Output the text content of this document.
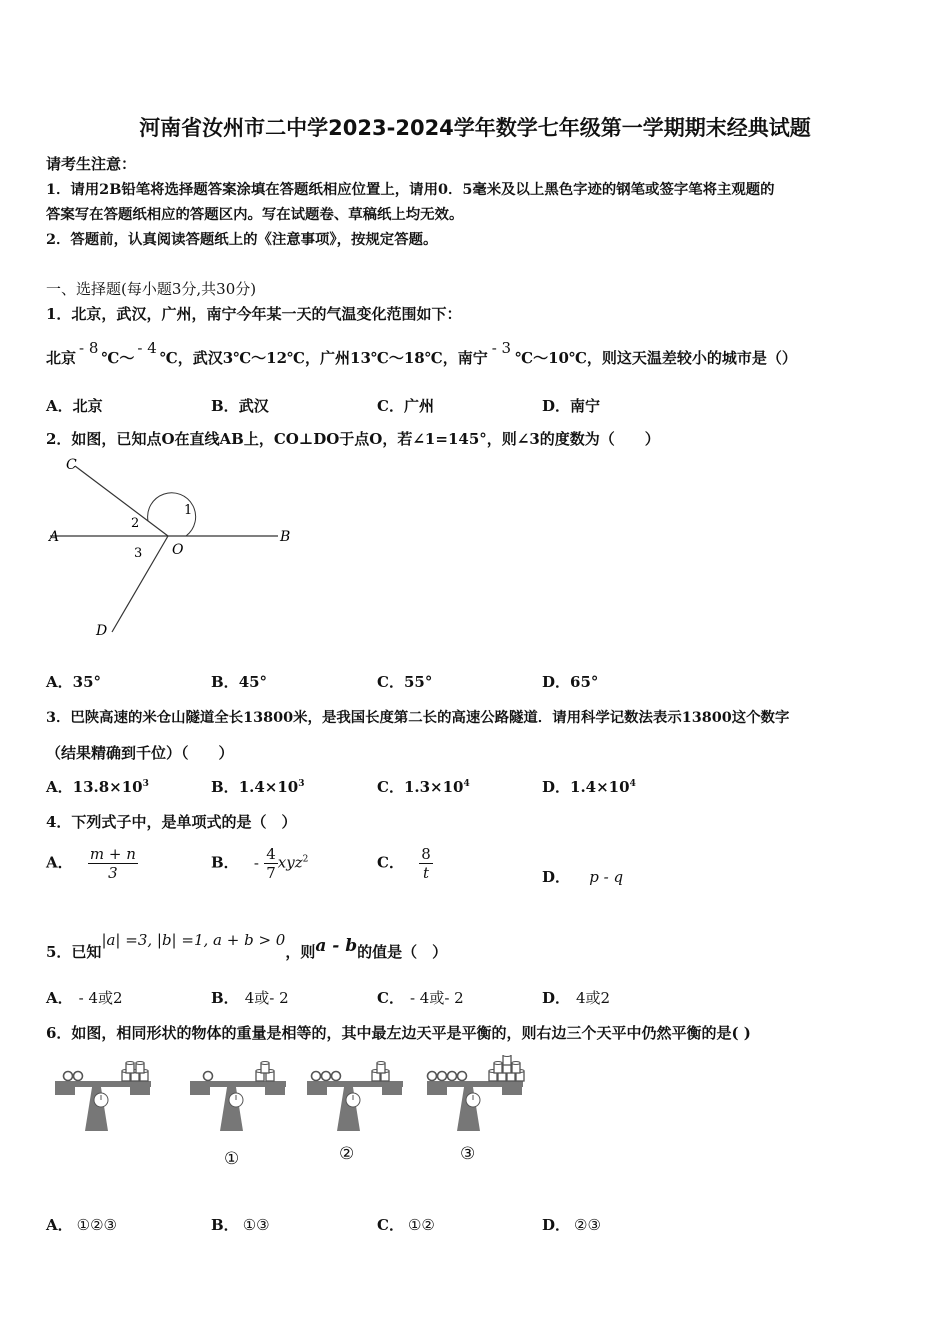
河南省汝州市二中学2023-2024学年数学七年级第一学期期末经典试题
请考生注意：
1．请用2B铅笔将选择题答案涂填在答题纸相应位置上，请用0．5毫米及以上黑色字迹的钢笔或签字笔将主观题的
答案写在答题纸相应的答题区内。写在试题卷、草稿纸上均无效。
2．答题前，认真阅读答题纸上的《注意事项》，按规定答题。
一、选择题(每小题3分,共30分)
1．北京，武汉，广州，南宁今年某一天的气温变化范围如下：
北京- 8℃～- 4℃，武汉3℃～12℃，广州13℃～18℃，南宁- 3℃～10℃，则这天温差较小的城市是（）
A．北京	B．武汉	C．广州	D．南宁
2．如图，已知点O在直线AB上，CO⊥DO于点O，若∠1=145°，则∠3的度数为（　　）
C
A	B
O
D
1
2
3
A．35°	B．45°	C．55°	D．65°
3．巴陕高速的米仓山隧道全长13800米，是我国长度第二长的高速公路隧道．请用科学记数法表示13800这个数字
（结果精确到千位）（　　）
A．$13.8\times 10^3$	B．$1.4\times 10^3$	C．$1.3\times 10^4$	D．$1.4\times 10^4$
4．下列式子中，是单项式的是（　）
A． $\frac{m + n}{3}$	B． - $\frac{4}{7} xyz^2$	C． $\frac{8}{t}$	D． p - q
5．已知|a| =3, |b| =1, a + b > 0，则a - b的值是（　）
A． - 4或2	B． 4或- 2	C． - 4或- 2	D． 4或2
6．如图，相同形状的物体的重量是相等的，其中最左边天平是平衡的，则右边三个天平中仍然平衡的是( )
①	②	③
A． ①②③	B． ①③	C． ①②	D． ②③
